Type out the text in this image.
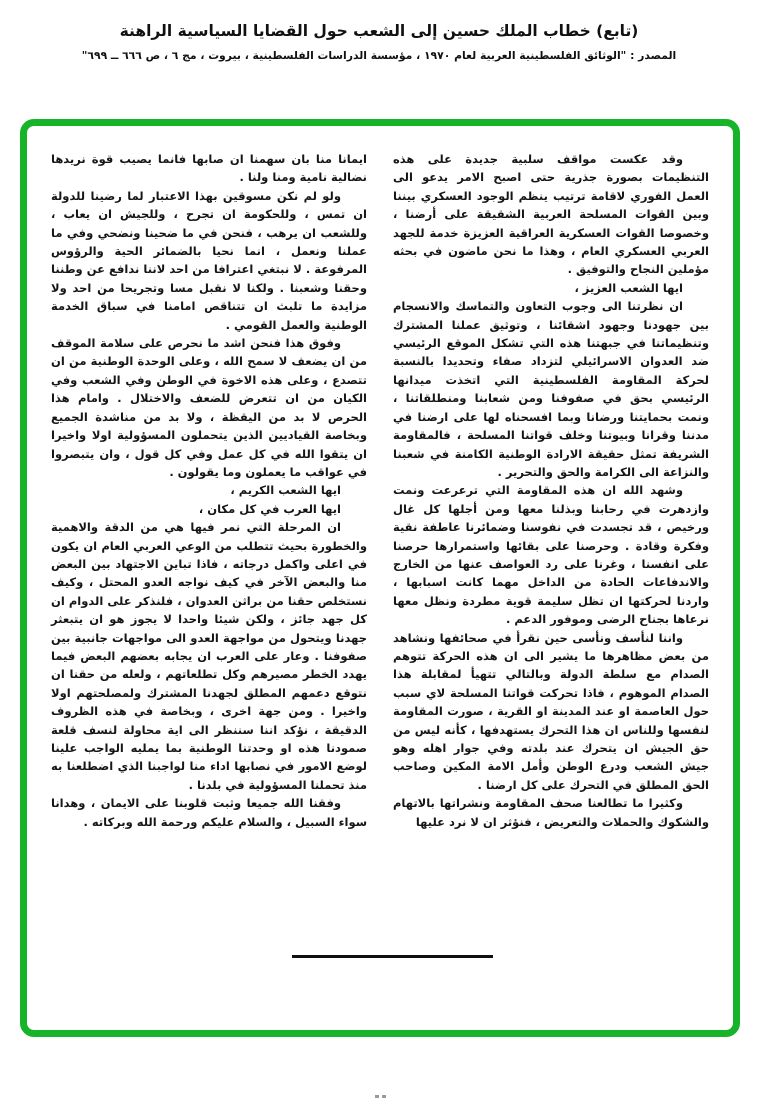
(تابع) خطاب الملك حسين إلى الشعب حول القضايا السياسية الراهنة
المصدر : "الوثائق الفلسطينية العربية لعام ١٩٧٠ ، مؤسسة الدراسات الفلسطينية ، بيروت ، مج ٦ ، ص ٦٦٦ ــ ٦٩٩"

وقد عكست مواقف سلبية جديدة على هذه التنظيمات بصورة جذرية حتى اصبح الامر يدعو الى العمل الفوري لاقامة ترتيب ينظم الوجود العسكري بيننا وبين القوات المسلحة العربية الشقيقة على أرضنا ، وخصوصا القوات العسكرية العراقية العزيزة خدمة للجهد العربي العسكري العام ، وهذا ما نحن ماضون في بحثه مؤملين النجاح والتوفيق .

ايها الشعب العزيز ،

ان نظرتنا الى وجوب التعاون والتماسك والانسجام بين جهودنا وجهود اشقائنا ، وتوثيق عملنا المشترك وتنظيماتنا في جبهتنا هذه التي تشكل الموقع الرئيسي ضد العدوان الاسرائيلي لتزداد صفاء وتحديدا بالنسبة لحركة المقاومة الفلسطينية التي اتخذت ميدانها الرئيسي بحق في صفوفنا ومن شعابنا ومنطلقاتنا ، ونمت بحمايتنا ورضانا وبما افسحناه لها على ارضنا في مدننا وقرانا وبيوتنا وخلف قواتنا المسلحة ، فالمقاومة الشريفة تمثل حقيقة الارادة الوطنية الكامنة في شعبنا والنزاعة الى الكرامة والحق والتحرير .

وشهد الله ان هذه المقاومة التي ترعرعت ونمت وازدهرت في رحابنا وبذلنا معها ومن أجلها كل غال ورخيص ، قد تجسدت في نفوسنا وضمائرنا عاطفة نقية وفكرة وقادة . وحرصنا على بقائها واستمرارها حرصنا على انفسنا ، وغرنا على رد العواصف عنها من الخارج والاندفاعات الحادة من الداخل مهما كانت اسبابها ، واردنا لحركتها ان تظل سليمة قوية مطردة ونظل معها نرعاها بجناح الرضى وموفور الدعم .

واننا لنأسف ونأسى حين نقرأ في صحائفها ونشاهد من بعض مظاهرها ما يشير الى ان هذه الحركة تتوهم الصدام مع سلطة الدولة وبالتالي تتهيأ لمقابلة هذا الصدام الموهوم ، فاذا تحركت قواتنا المسلحة لاي سبب حول العاصمة او عند المدينة او القرية ، صورت المقاومة لنفسها وللناس ان هذا التحرك يستهدفها ، كأنه ليس من حق الجيش ان يتحرك عند بلدته وفي جوار اهله وهو جيش الشعب ودرع الوطن وأمل الامة المكين وصاحب الحق المطلق في التحرك على كل ارضنا .

وكثيرا ما تطالعنا صحف المقاومة ونشراتها بالاتهام والشكوك والحملات والتعريض ، فنؤثر ان لا نرد عليها

ايمانا منا بان سهمنا ان صابها فانما يصيب قوة نريدها نضالية نامية ومنا ولنا .

ولو لم نكن مسوقين بهذا الاعتبار لما رضينا للدولة ان تمس ، وللحكومة ان تجرح ، وللجيش ان يعاب ، وللشعب ان يرهب ، فنحن في ما ضحينا ونضحي وفي ما عملنا ونعمل ، انما نحيا بالضمائر الحية والرؤوس المرفوعة . لا نبتغي اعترافا من احد لاننا ندافع عن وطننا وحقنا وشعبنا . ولكنا لا نقبل مسا وتجريحا من احد ولا مزايدة ما تلبث ان تتناقص امامنا في سباق الخدمة الوطنية والعمل القومي .

وفوق هذا فنحن اشد ما نحرص على سلامة الموقف من ان يضعف لا سمح الله ، وعلى الوحدة الوطنية من ان تتصدع ، وعلى هذه الاخوة في الوطن وفي الشعب وفي الكيان من ان تتعرض للضعف والاختلال . وامام هذا الحرص لا بد من اليقظة ، ولا بد من مناشدة الجميع وبخاصة القياديين الذين يتحملون المسؤولية اولا واخيرا ان يتقوا الله في كل عمل وفي كل قول ، وان يتبصروا في عواقب ما يعملون وما يقولون .

ايها الشعب الكريم ،

ايها العرب في كل مكان ،

ان المرحلة التي نمر فيها هي من الدقة والاهمية والخطورة بحيث تتطلب من الوعي العربي العام ان يكون في اعلى واكمل درجاته ، فاذا تباين الاجتهاد بين البعض منا والبعض الآخر في كيف نواجه العدو المحتل ، وكيف نستخلص حقنا من براثن العدوان ، فلنذكر على الدوام ان كل جهد جائز ، ولكن شيئا واحدا لا يجوز هو ان يتبعثر جهدنا ويتحول من مواجهة العدو الى مواجهات جانبية بين صفوفنا . وعار على العرب ان يجابه بعضهم البعض فيما يهدد الخطر مصيرهم وكل تطلعاتهم ، ولعله من حقنا ان نتوقع دعمهم المطلق لجهدنا المشترك ولمصلحتهم اولا واخيرا . ومن جهة اخرى ، وبخاصة في هذه الظروف الدقيقة ، نؤكد اننا سننظر الى اية محاولة لنسف قلعة صمودنا هذه او وحدتنا الوطنية بما يمليه الواجب علينا لوضع الامور في نصابها اداء منا لواجبنا الذي اضطلعنا به منذ تحملنا المسؤولية في بلدنا .

وفقنا الله جميعا وثبت قلوبنا على الايمان ، وهدانا سواء السبيل ، والسلام عليكم ورحمة الله وبركاته .
